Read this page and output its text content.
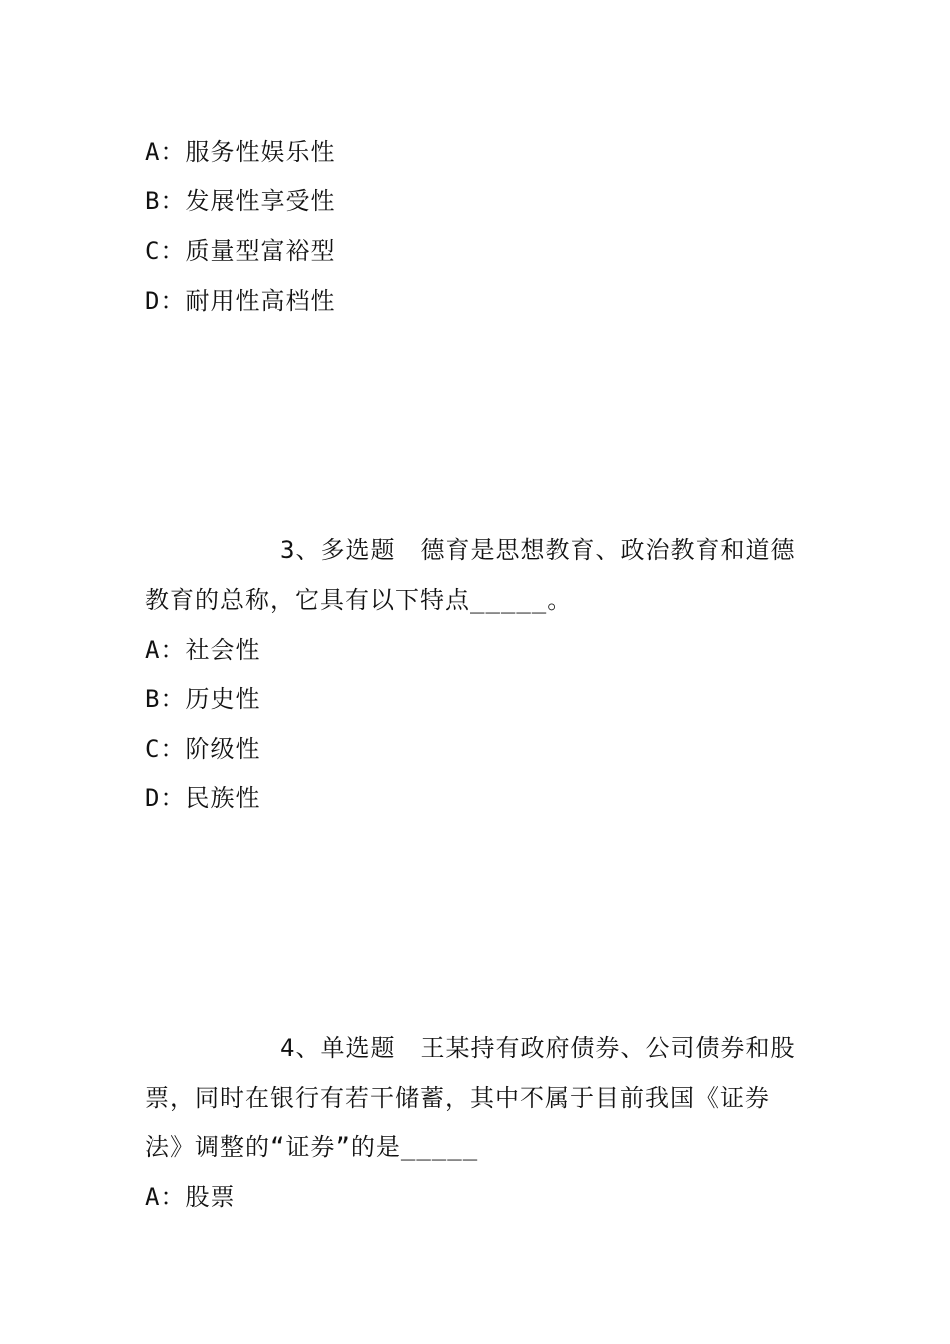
A：服务性娱乐性
B：发展性享受性
C：质量型富裕型
D：耐用性高档性
3、多选题　德育是思想教育、政治教育和道德
教育的总称，它具有以下特点_____。
A：社会性
B：历史性
C：阶级性
D：民族性
4、单选题　王某持有政府债券、公司债券和股
票，同时在银行有若干储蓄，其中不属于目前我国《证券
法》调整的“证券”的是_____
A：股票
